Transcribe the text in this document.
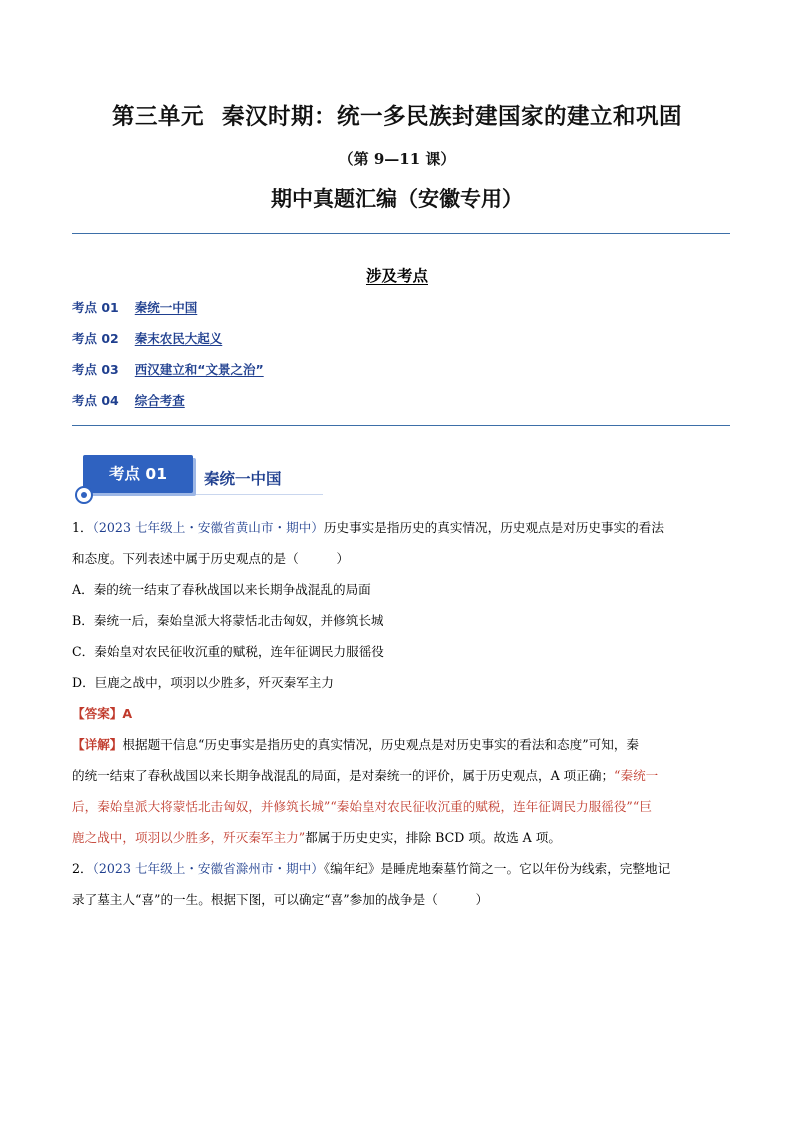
第三单元 秦汉时期：统一多民族封建国家的建立和巩固
（第 9—11 课）
期中真题汇编（安徽专用）
涉及考点
考点 01 秦统一中国
考点 02 秦末农民大起义
考点 03 西汉建立和“文景之治”
考点 04 综合考查
考点 01	秦统一中国
1．（2023 七年级上・安徽省黄山市・期中）历史事实是指历史的真实情况，历史观点是对历史事实的看法
和态度。下列表述中属于历史观点的是（　　　）
A．秦的统一结束了春秋战国以来长期争战混乱的局面
B．秦统一后，秦始皇派大将蒙恬北击匈奴，并修筑长城
C．秦始皇对农民征收沉重的赋税，连年征调民力服徭役
D．巨鹿之战中，项羽以少胜多，歼灭秦军主力
【答案】A
【详解】根据题干信息“历史事实是指历史的真实情况，历史观点是对历史事实的看法和态度”可知，秦
的统一结束了春秋战国以来长期争战混乱的局面，是对秦统一的评价，属于历史观点，A 项正确；“秦统一
后，秦始皇派大将蒙恬北击匈奴，并修筑长城”“秦始皇对农民征收沉重的赋税，连年征调民力服徭役”“巨
鹿之战中，项羽以少胜多，歼灭秦军主力”都属于历史史实，排除 BCD 项。故选 A 项。
2．（2023 七年级上・安徽省滁州市・期中）《编年纪》是睡虎地秦墓竹简之一。它以年份为线索，完整地记
录了墓主人“喜”的一生。根据下图，可以确定“喜”参加的战争是（　　　）
